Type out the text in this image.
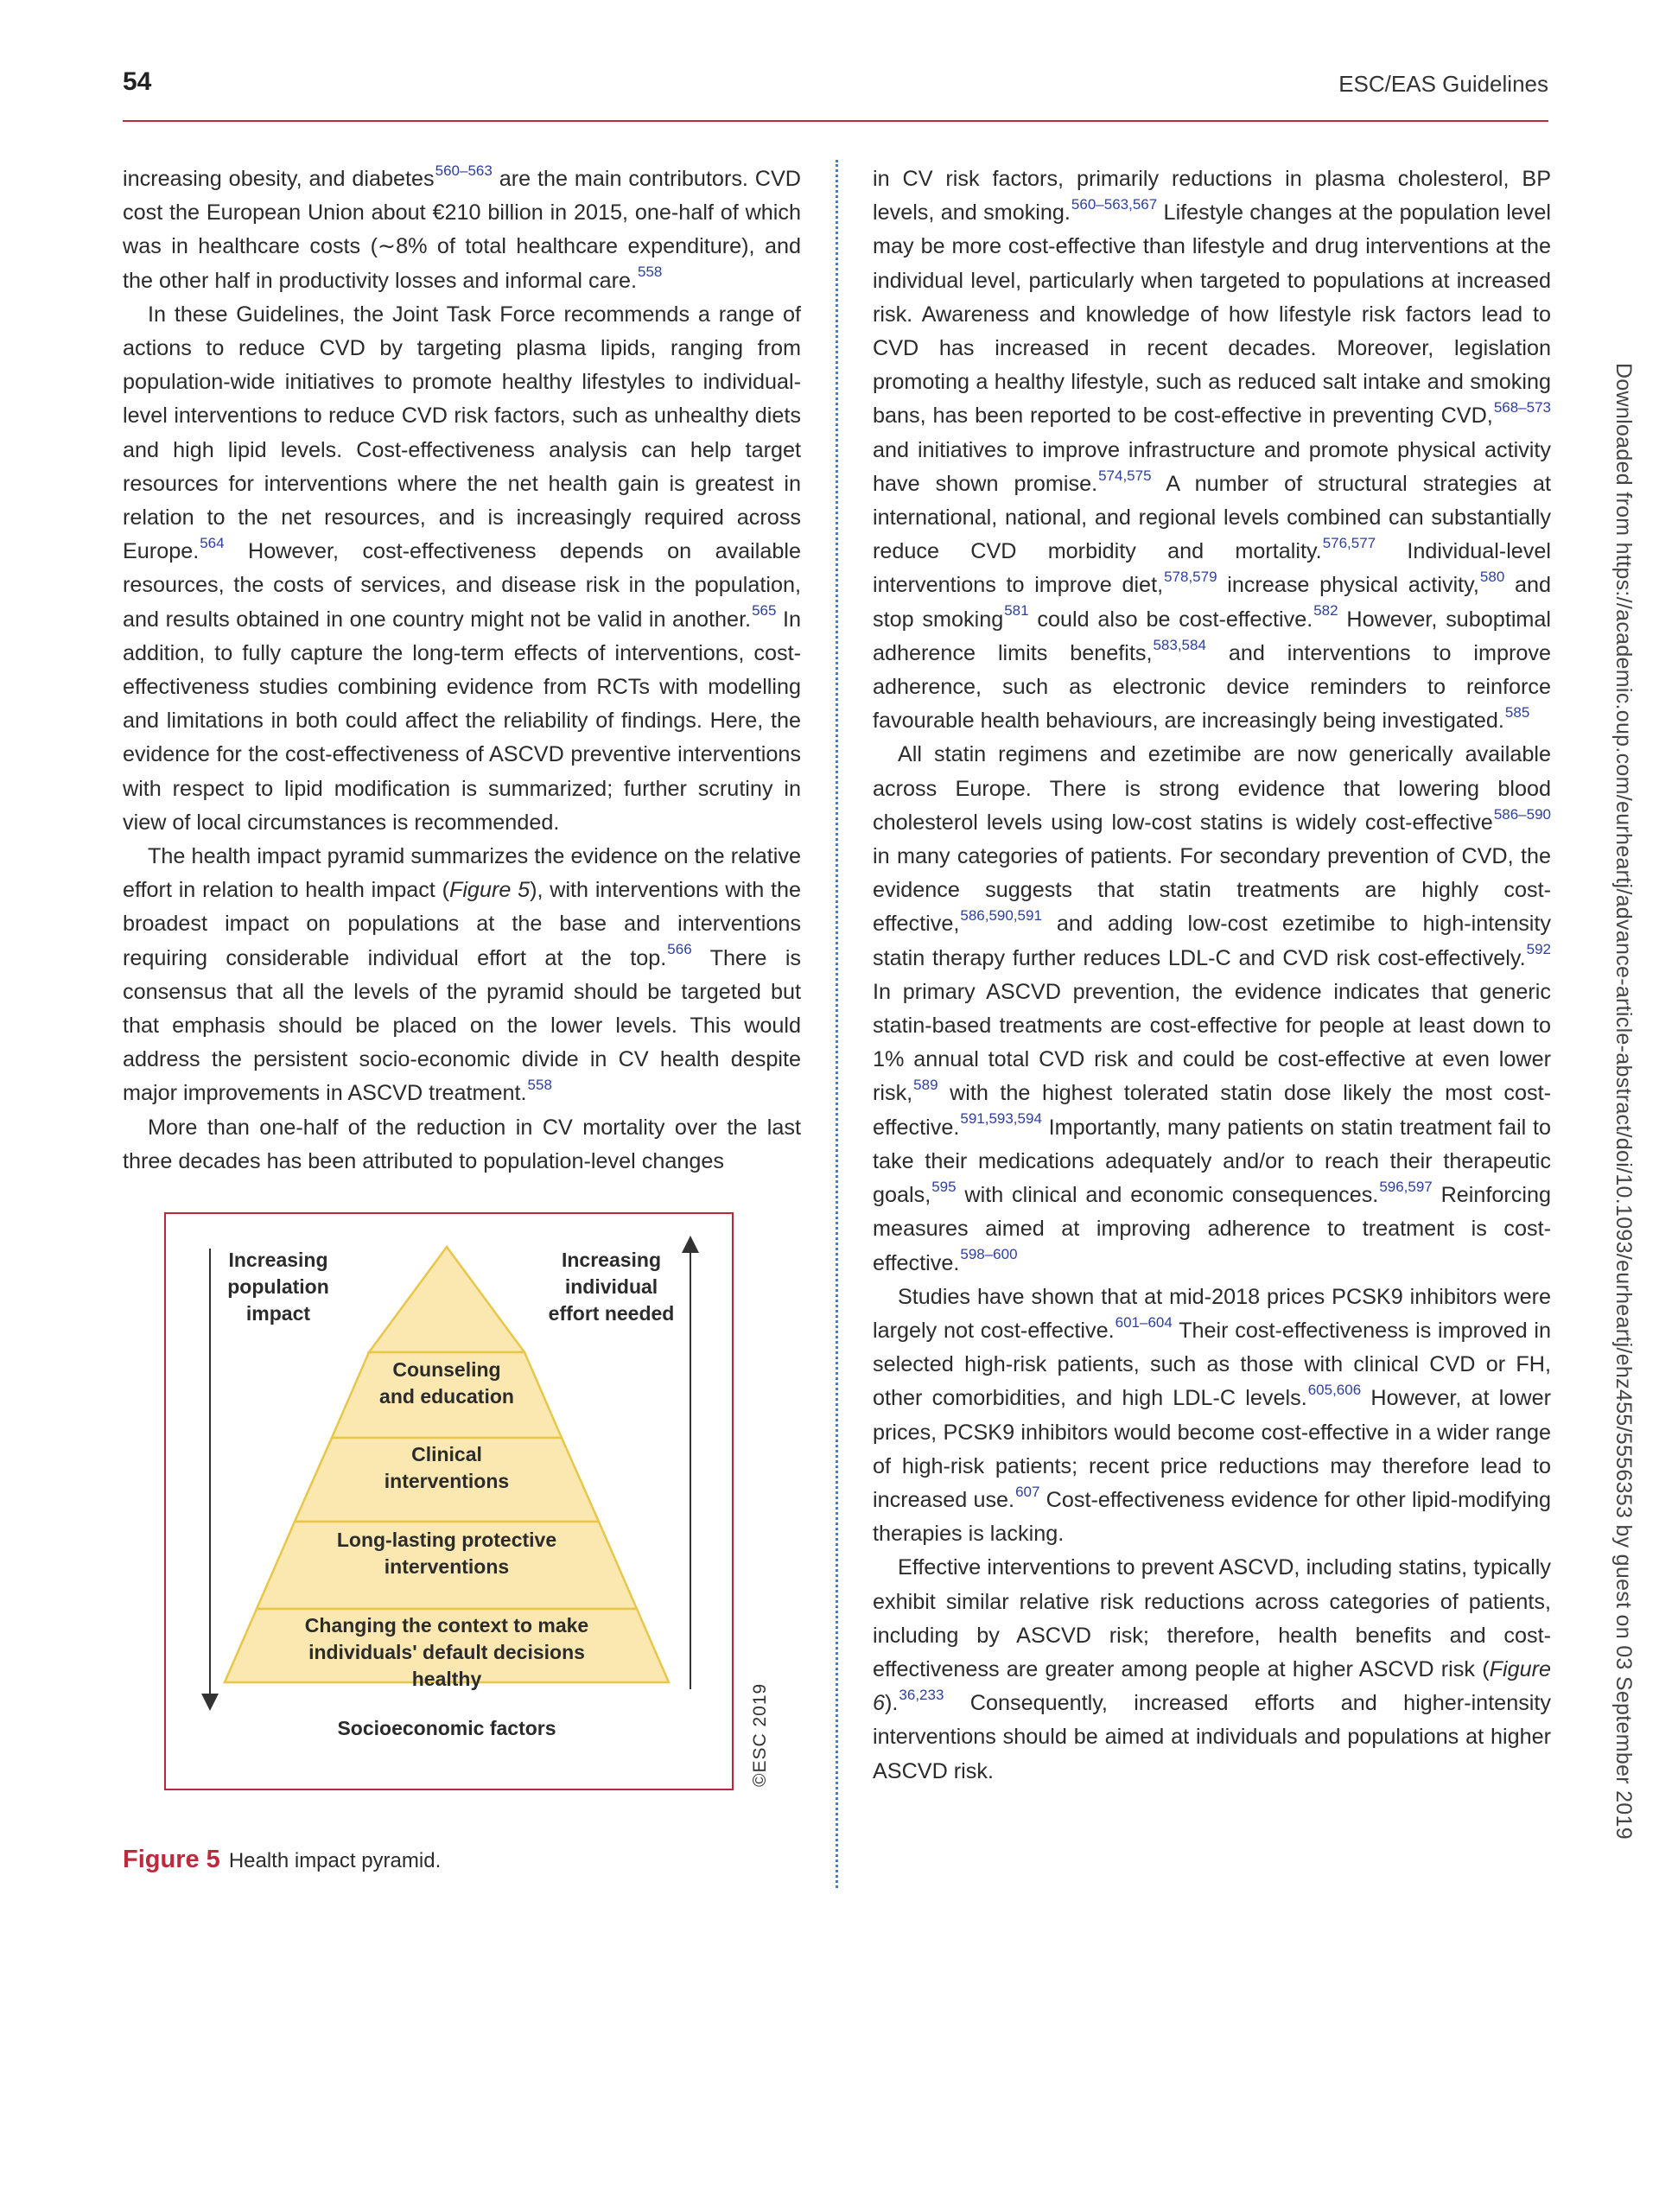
54	ESC/EAS Guidelines

increasing obesity, and diabetes$^{560-563}$ are the main contributors. CVD cost the European Union about €210 billion in 2015, one-half of which was in healthcare costs (∼8% of total healthcare expenditure), and the other half in productivity losses and informal care.$^{558}$

In these Guidelines, the Joint Task Force recommends a range of actions to reduce CVD by targeting plasma lipids, ranging from population-wide initiatives to promote healthy lifestyles to individual-level interventions to reduce CVD risk factors, such as unhealthy diets and high lipid levels. Cost-effectiveness analysis can help target resources for interventions where the net health gain is greatest in relation to the net resources, and is increasingly required across Europe.$^{564}$ However, cost-effectiveness depends on available resources, the costs of services, and disease risk in the population, and results obtained in one country might not be valid in another.$^{565}$ In addition, to fully capture the long-term effects of interventions, cost-effectiveness studies combining evidence from RCTs with modelling and limitations in both could affect the reliability of findings. Here, the evidence for the cost-effectiveness of ASCVD preventive interventions with respect to lipid modification is summarized; further scrutiny in view of local circumstances is recommended.

The health impact pyramid summarizes the evidence on the relative effort in relation to health impact (Figure 5), with interventions with the broadest impact on populations at the base and interventions requiring considerable individual effort at the top.$^{566}$ There is consensus that all the levels of the pyramid should be targeted but that emphasis should be placed on the lower levels. This would address the persistent socio-economic divide in CV health despite major improvements in ASCVD treatment.$^{558}$

More than one-half of the reduction in CV mortality over the last three decades has been attributed to population-level changes

Increasing population impact
Increasing individual effort needed
Counseling and education
Clinical interventions
Long-lasting protective interventions
Changing the context to make individuals' default decisions healthy
Socioeconomic factors	©ESC 2019
Figure 5 Health impact pyramid.

in CV risk factors, primarily reductions in plasma cholesterol, BP levels, and smoking.$^{560-563,567}$ Lifestyle changes at the population level may be more cost-effective than lifestyle and drug interventions at the individual level, particularly when targeted to populations at increased risk. Awareness and knowledge of how lifestyle risk factors lead to CVD has increased in recent decades. Moreover, legislation promoting a healthy lifestyle, such as reduced salt intake and smoking bans, has been reported to be cost-effective in preventing CVD,$^{568-573}$ and initiatives to improve infrastructure and promote physical activity have shown promise.$^{574,575}$ A number of structural strategies at international, national, and regional levels combined can substantially reduce CVD morbidity and mortality.$^{576,577}$ Individual-level interventions to improve diet,$^{578,579}$ increase physical activity,$^{580}$ and stop smoking$^{581}$ could also be cost-effective.$^{582}$ However, suboptimal adherence limits benefits,$^{583,584}$ and interventions to improve adherence, such as electronic device reminders to reinforce favourable health behaviours, are increasingly being investigated.$^{585}$

All statin regimens and ezetimibe are now generically available across Europe. There is strong evidence that lowering blood cholesterol levels using low-cost statins is widely cost-effective$^{586-590}$ in many categories of patients. For secondary prevention of CVD, the evidence suggests that statin treatments are highly cost-effective,$^{586,590,591}$ and adding low-cost ezetimibe to high-intensity statin therapy further reduces LDL-C and CVD risk cost-effectively.$^{592}$ In primary ASCVD prevention, the evidence indicates that generic statin-based treatments are cost-effective for people at least down to 1% annual total CVD risk and could be cost-effective at even lower risk,$^{589}$ with the highest tolerated statin dose likely the most cost-effective.$^{591,593,594}$ Importantly, many patients on statin treatment fail to take their medications adequately and/or to reach their therapeutic goals,$^{595}$ with clinical and economic consequences.$^{596,597}$ Reinforcing measures aimed at improving adherence to treatment is cost-effective.$^{598-600}$

Studies have shown that at mid-2018 prices PCSK9 inhibitors were largely not cost-effective.$^{601-604}$ Their cost-effectiveness is improved in selected high-risk patients, such as those with clinical CVD or FH, other comorbidities, and high LDL-C levels.$^{605,606}$ However, at lower prices, PCSK9 inhibitors would become cost-effective in a wider range of high-risk patients; recent price reductions may therefore lead to increased use.$^{607}$ Cost-effectiveness evidence for other lipid-modifying therapies is lacking.

Effective interventions to prevent ASCVD, including statins, typically exhibit similar relative risk reductions across categories of patients, including by ASCVD risk; therefore, health benefits and cost-effectiveness are greater among people at higher ASCVD risk (Figure 6).$^{36,233}$ Consequently, increased efforts and higher-intensity interventions should be aimed at individuals and populations at higher ASCVD risk.	Downloaded from https://academic.oup.com/eurheartj/advance-article-abstract/doi/10.1093/eurheartj/ehz455/5556353 by guest on 03 September 2019
